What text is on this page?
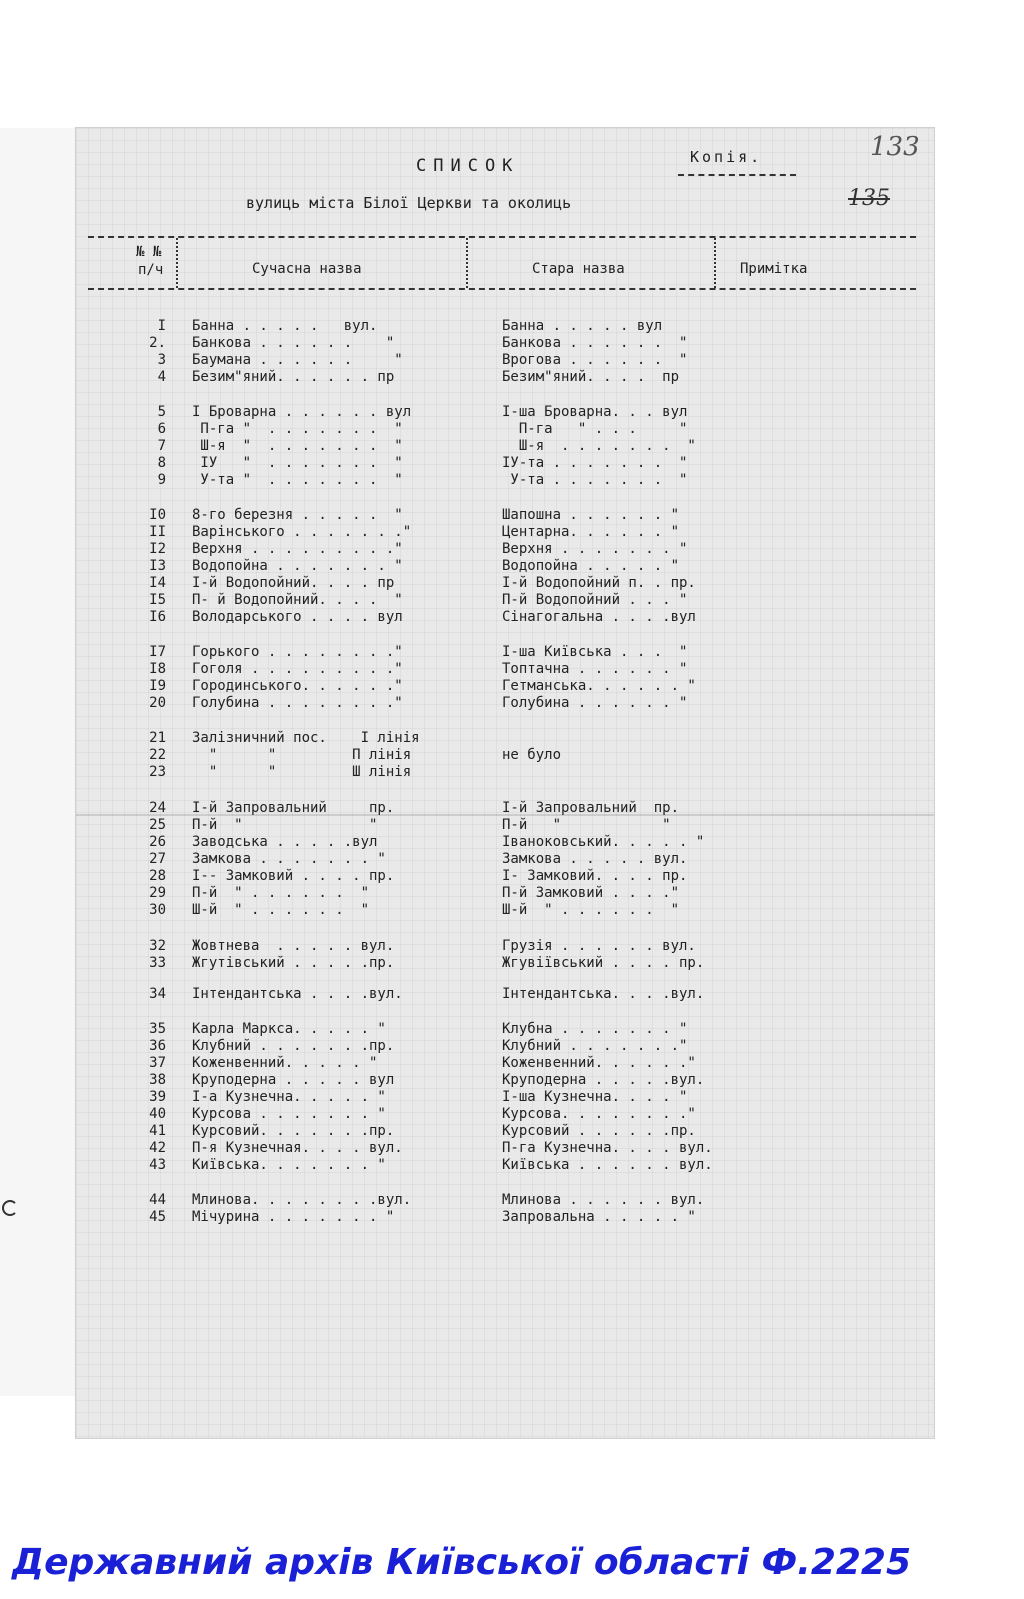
СПИСОК	Копія.	133
вулиць міста Білої Церкви та околиць	135
№ №
п/ч	Сучасна назва	Стара назва	Примітка
I Банна . . . . .   вул.	Банна . . . . . вул
2. Банкова . . . . . .    "	Банкова . . . . . .  "
3 Баумана . . . . . .     "	Врогова . . . . . .  "
4 Безим"яний. . . . . . пр	Безим"яний. . . .  пр
5 I Броварна . . . . . . вул	I-ша Броварна. . . вул
6 П-га "  . . . . . . .  "	П-га   " . . .     "
7 Ш-я  "  . . . . . . .  "	Ш-я  . . . . . . .  "
8 IУ   "  . . . . . . .  "	IУ-та . . . . . . .  "
9 У-та "  . . . . . . .  "	У-та . . . . . . .  "
I0 8-го березня . . . . .  "	Шапошна . . . . . . "
II Варінського . . . . . . ."	Центарна. . . . . . "
I2 Верхня . . . . . . . . ."	Верхня . . . . . . . "
I3 Водопойна . . . . . . . "	Водопойна . . . . . "
I4 I-й Водопойний. . . . пр	I-й Водопойний п. . пр.
I5 П- й Водопойний. . . .  "	П-й Водопойний . . . "
I6 Володарського . . . . вул	Сінагогальна . . . .вул
I7 Горького . . . . . . . ."	I-ша Київська . . .  "
I8 Гоголя . . . . . . . . ."	Топтачна . . . . . . "
I9 Городинського. . . . . ."	Гетманська. . . . . . "
20 Голубина . . . . . . . ."	Голубина . . . . . . "
21 Залізничний пос.    I лінія
22 "      "         П лінія	не було
23 "      "         Ш лінія
24 I-й Запровальний     пр.	I-й Запровальний  пр.
25 П-й  "               "	П-й   "            "
26 Заводська . . . . .вул	Іваноковський. . . . . "
27 Замкова . . . . . . . "	Замкова . . . . . вул.
28 I-- Замковий . . . . пр.	I- Замковий. . . . пр.
29 П-й  " . . . . . .  "	П-й Замковий . . . ."
30 Ш-й  " . . . . . .  "	Ш-й  " . . . . . .  "
32 Жовтнева  . . . . . вул.	Грузія . . . . . . вул.
33 Жгутівський . . . . .пр.	Жгувіївський . . . . пр.
34 Інтендантська . . . .вул.	Інтендантська. . . .вул.
35 Карла Маркса. . . . . "	Клубна . . . . . . . "
36 Клубний . . . . . . .пр.	Клубний . . . . . . ."
37 Коженвенний. . . . . "	Коженвенний. . . . . ."
38 Круподерна . . . . . вул	Круподерна . . . . .вул.
39 I-а Кузнечна. . . . . "	I-ша Кузнечна. . . . "
40 Курсова . . . . . . . "	Курсова. . . . . . . ."
41 Курсовий. . . . . . .пр.	Курсовий . . . . . .пр.
42 П-я Кузнечная. . . . вул.	П-га Кузнечна. . . . вул.
43 Київська. . . . . . . "	Київська . . . . . . вул.
44 Млинова. . . . . . . .вул.	Млинова . . . . . . вул.
45 Мічурина . . . . . . . "	Запровальна . . . . . "
Державний архів Київської області Ф.2225
